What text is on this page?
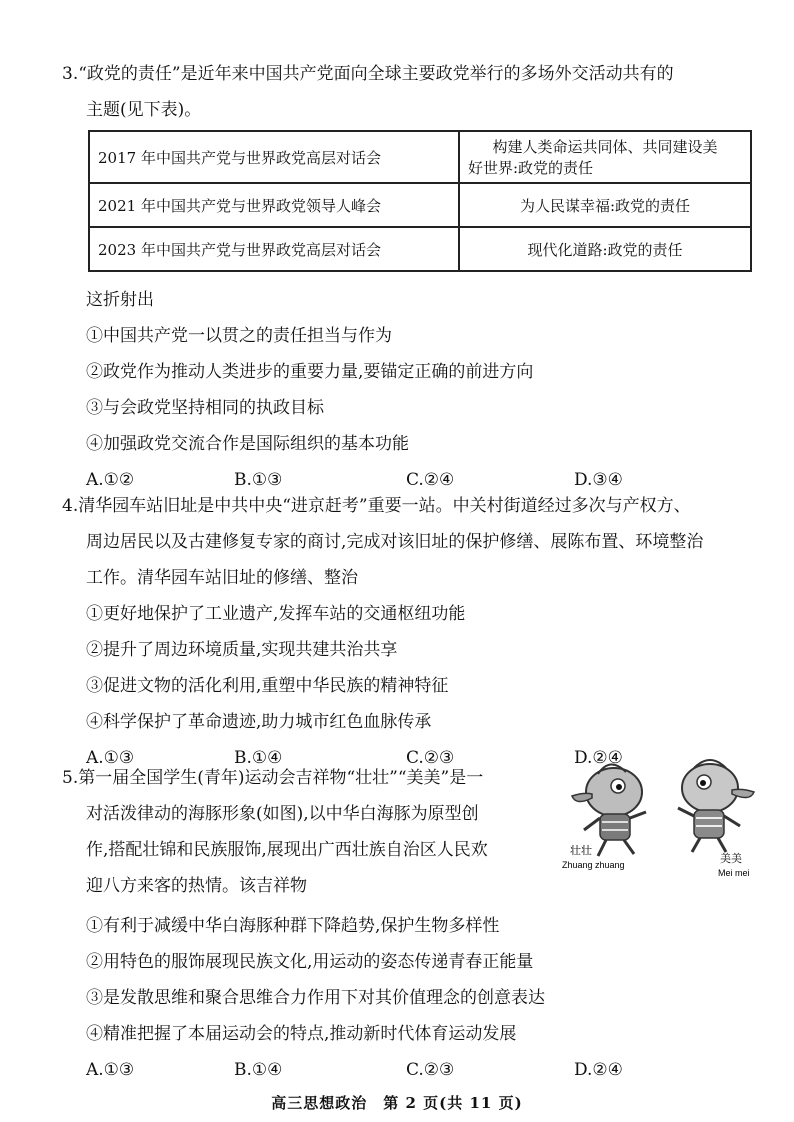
3.“政党的责任”是近年来中国共产党面向全球主要政党举行的多场外交活动共有的
主题(见下表)。
2017 年中国共产党与世界政党高层对话会	构建人类命运共同体、共同建设美
好世界:政党的责任

2021 年中国共产党与世界政党领导人峰会	为人民谋幸福:政党的责任
2023 年中国共产党与世界政党高层对话会	现代化道路:政党的责任
这折射出
①中国共产党一以贯之的责任担当与作为
②政党作为推动人类进步的重要力量,要锚定正确的前进方向
③与会政党坚持相同的执政目标
④加强政党交流合作是国际组织的基本功能
A.①②	B.①③	C.②④	D.③④
4.清华园车站旧址是中共中央“进京赶考”重要一站。中关村街道经过多次与产权方、
周边居民以及古建修复专家的商讨,完成对该旧址的保护修缮、展陈布置、环境整治
工作。清华园车站旧址的修缮、整治
①更好地保护了工业遗产,发挥车站的交通枢纽功能
②提升了周边环境质量,实现共建共治共享
③促进文物的活化利用,重塑中华民族的精神特征
④科学保护了革命遗迹,助力城市红色血脉传承
A.①③	B.①④	C.②③	D.②④
5.第一届全国学生(青年)运动会吉祥物“壮壮”“美美”是一
对活泼律动的海豚形象(如图),以中华白海豚为原型创
作,搭配壮锦和民族服饰,展现出广西壮族自治区人民欢
迎八方来客的热情。该吉祥物
①有利于减缓中华白海豚种群下降趋势,保护生物多样性
②用特色的服饰展现民族文化,用运动的姿态传递青春正能量
③是发散思维和聚合思维合力作用下对其价值理念的创意表达
④精准把握了本届运动会的特点,推动新时代体育运动发展
A.①③	B.①④	C.②③	D.②④
壮壮
Zhuang zhuang	美美
Mei mei
高三思想政治　第 2 页(共 11 页)
